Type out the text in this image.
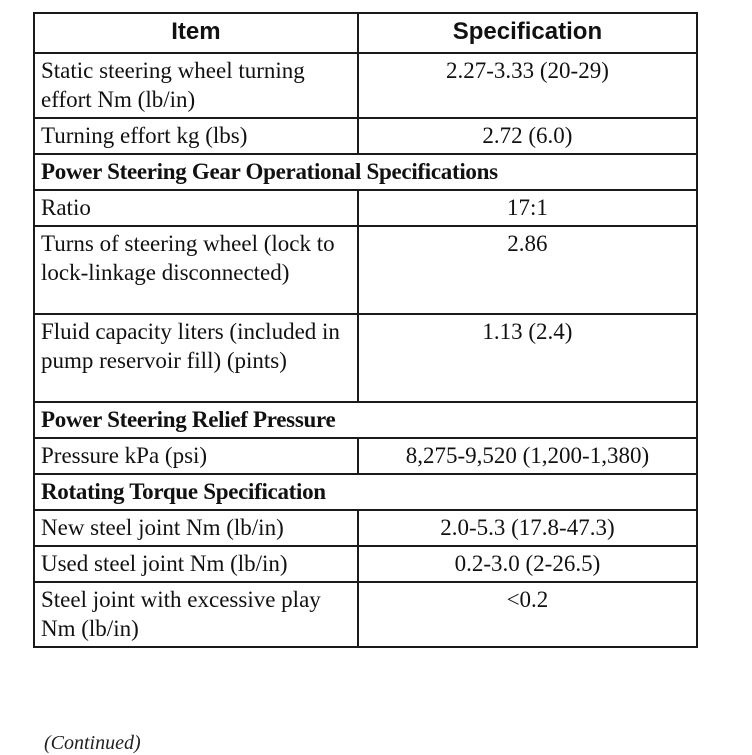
Item	Specification
Static steering wheel turning effort Nm (lb/in)	2.27-3.33 (20-29)
Turning effort kg (lbs)	2.72 (6.0)
Power Steering Gear Operational Specifications	
Ratio	17:1
Turns of steering wheel (lock to lock-linkage disconnected)	2.86
Fluid capacity liters (included in pump reservoir fill) (pints)	1.13 (2.4)
Power Steering Relief Pressure	
Pressure kPa (psi)	8,275-9,520 (1,200-1,380)
Rotating Torque Specification	
New steel joint Nm (lb/in)	2.0-5.3 (17.8-47.3)
Used steel joint Nm (lb/in)	0.2-3.0 (2-26.5)
Steel joint with excessive play Nm (lb/in)	<0.2
(Continued)
